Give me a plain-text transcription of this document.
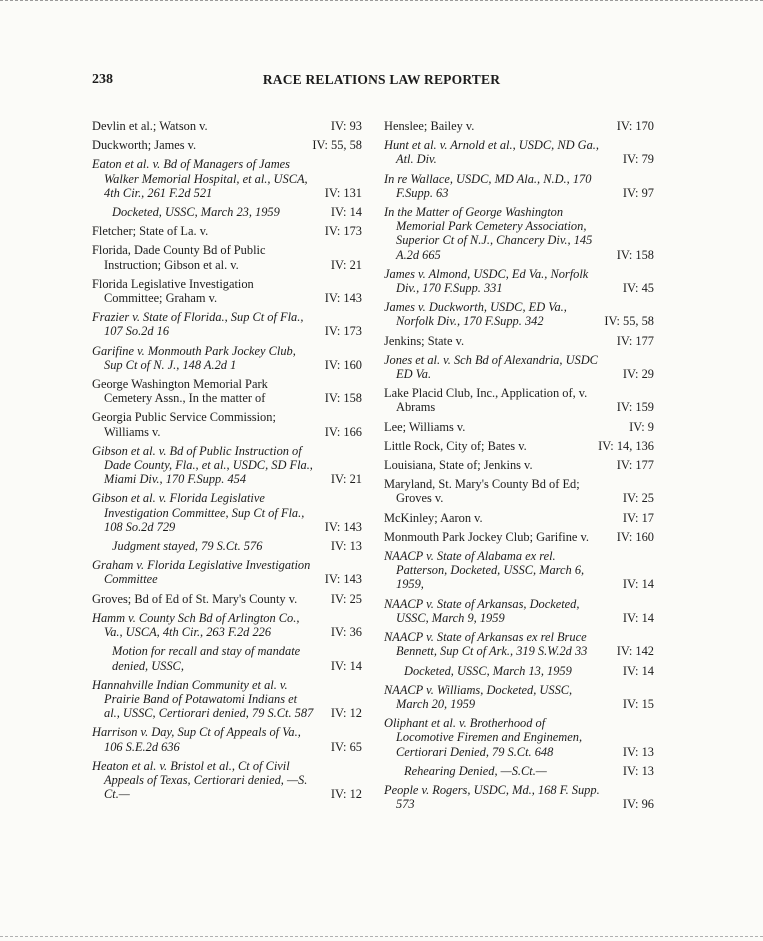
238	RACE RELATIONS LAW REPORTER
Devlin et al.; Watson v.	IV: 93
Duckworth; James v.	IV: 55, 58
Eaton et al. v. Bd of Managers of James Walker Memorial Hospital, et al., USCA, 4th Cir., 261 F.2d 521	IV: 131
Docketed, USSC, March 23, 1959	IV: 14
Fletcher; State of La. v.	IV: 173
Florida, Dade County Bd of Public Instruction; Gibson et al. v.	IV: 21
Florida Legislative Investigation Committee; Graham v.	IV: 143
Frazier v. State of Florida., Sup Ct of Fla., 107 So.2d 16	IV: 173
Garifine v. Monmouth Park Jockey Club, Sup Ct of N. J., 148 A.2d 1	IV: 160
George Washington Memorial Park Cemetery Assn., In the matter of	IV: 158
Georgia Public Service Commission; Williams v.	IV: 166
Gibson et al. v. Bd of Public Instruction of Dade County, Fla., et al., USDC, SD Fla., Miami Div., 170 F.Supp. 454	IV: 21
Gibson et al. v. Florida Legislative Investigation Committee, Sup Ct of Fla., 108 So.2d 729	IV: 143
Judgment stayed, 79 S.Ct. 576	IV: 13
Graham v. Florida Legislative Investigation Committee	IV: 143
Groves; Bd of Ed of St. Mary's County v.	IV: 25
Hamm v. County Sch Bd of Arlington Co., Va., USCA, 4th Cir., 263 F.2d 226	IV: 36
Motion for recall and stay of mandate denied, USSC,	IV: 14
Hannahville Indian Community et al. v. Prairie Band of Potawatomi Indians et al., USSC, Certiorari denied, 79 S.Ct. 587	IV: 12
Harrison v. Day, Sup Ct of Appeals of Va., 106 S.E.2d 636	IV: 65
Heaton et al. v. Bristol et al., Ct of Civil Appeals of Texas, Certiorari denied, —S. Ct.—	IV: 12
Henslee; Bailey v.	IV: 170
Hunt et al. v. Arnold et al., USDC, ND Ga., Atl. Div.	IV: 79
In re Wallace, USDC, MD Ala., N.D., 170 F.Supp. 63	IV: 97
In the Matter of George Washington Memorial Park Cemetery Association, Superior Ct of N.J., Chancery Div., 145 A.2d 665	IV: 158
James v. Almond, USDC, Ed Va., Norfolk Div., 170 F.Supp. 331	IV: 45
James v. Duckworth, USDC, ED Va., Norfolk Div., 170 F.Supp. 342	IV: 55, 58
Jenkins; State v.	IV: 177
Jones et al. v. Sch Bd of Alexandria, USDC ED Va.	IV: 29
Lake Placid Club, Inc., Application of, v. Abrams	IV: 159
Lee; Williams v.	IV: 9
Little Rock, City of; Bates v.	IV: 14, 136
Louisiana, State of; Jenkins v.	IV: 177
Maryland, St. Mary's County Bd of Ed; Groves v.	IV: 25
McKinley; Aaron v.	IV: 17
Monmouth Park Jockey Club; Garifine v.	IV: 160
NAACP v. State of Alabama ex rel. Patterson, Docketed, USSC, March 6, 1959,	IV: 14
NAACP v. State of Arkansas, Docketed, USSC, March 9, 1959	IV: 14
NAACP v. State of Arkansas ex rel Bruce Bennett, Sup Ct of Ark., 319 S.W.2d 33	IV: 142
Docketed, USSC, March 13, 1959	IV: 14
NAACP v. Williams, Docketed, USSC, March 20, 1959	IV: 15
Oliphant et al. v. Brotherhood of Locomotive Firemen and Enginemen, Certiorari Denied, 79 S.Ct. 648	IV: 13
Rehearing Denied, —S.Ct.—	IV: 13
People v. Rogers, USDC, Md., 168 F. Supp. 573	IV: 96
